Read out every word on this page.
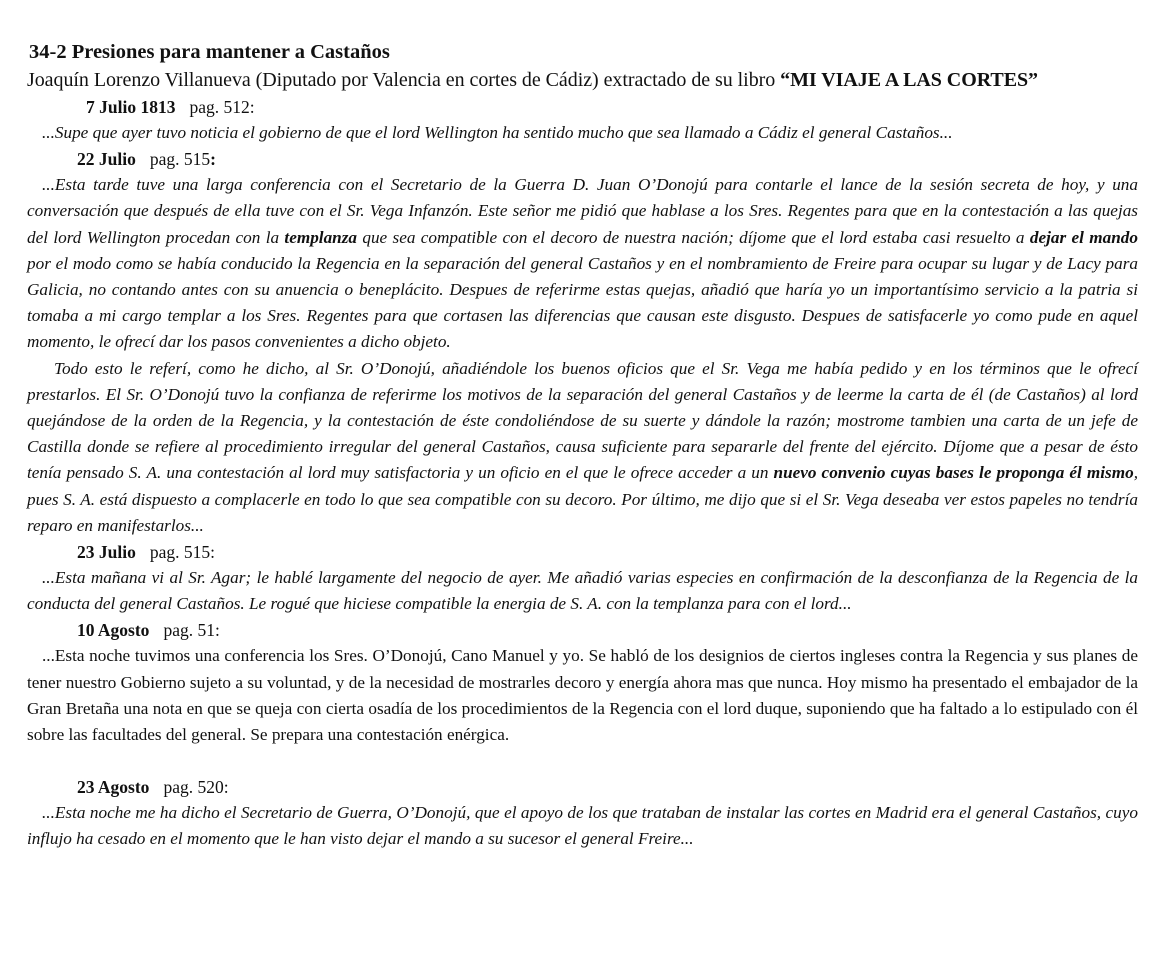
34-2 Presiones para mantener a Castaños
Joaquín Lorenzo Villanueva (Diputado por Valencia en cortes de Cádiz) extractado de su libro “MI VIAJE A LAS CORTES”
7 Julio 1813 pag. 512:

...Supe que ayer tuvo noticia el gobierno de que el lord Wellington ha sentido mucho que sea llamado a Cádiz el general Castaños...

22 Julio pag. 515:

...Esta tarde tuve una larga conferencia con el Secretario de la Guerra D. Juan O’Donojú para contarle el lance de la sesión secreta de hoy, y una conversación que después de ella tuve con el Sr. Vega Infanzón. Este señor me pidió que hablase a los Sres. Regentes para que en la contestación a las quejas del lord Wellington procedan con la templanza que sea compatible con el decoro de nuestra nación; díjome que el lord estaba casi resuelto a dejar el mando por el modo como se había conducido la Regencia en la separación del general Castaños y en el nombramiento de Freire para ocupar su lugar y de Lacy para Galicia, no contando antes con su anuencia o beneplácito. Despues de referirme estas quejas, añadió que haría yo un importantísimo servicio a la patria si tomaba a mi cargo templar a los Sres. Regentes para que cortasen las diferencias que causan este disgusto. Despues de satisfacerle yo como pude en aquel momento, le ofrecí dar los pasos convenientes a dicho objeto.

Todo esto le referí, como he dicho, al Sr. O’Donojú, añadiéndole los buenos oficios que el Sr. Vega me había pedido y en los términos que le ofrecí prestarlos. El Sr. O’Donojú tuvo la confianza de referirme los motivos de la separación del general Castaños y de leerme la carta de él (de Castaños) al lord quejándose de la orden de la Regencia, y la contestación de éste condoliéndose de su suerte y dándole la razón; mostrome tambien una carta de un jefe de Castilla donde se refiere al procedimiento irregular del general Castaños, causa suficiente para separarle del frente del ejército. Díjome que a pesar de ésto tenía pensado S. A. una contestación al lord muy satisfactoria y un oficio en el que le ofrece acceder a un nuevo convenio cuyas bases le proponga él mismo, pues S. A. está dispuesto a complacerle en todo lo que sea compatible con su decoro. Por último, me dijo que si el Sr. Vega deseaba ver estos papeles no tendría reparo en manifestarlos...

23 Julio pag. 515:

...Esta mañana vi al Sr. Agar; le hablé largamente del negocio de ayer. Me añadió varias especies en confirmación de la desconfianza de la Regencia de la conducta del general Castaños. Le rogué que hiciese compatible la energia de S. A. con la templanza para con el lord...

10 Agosto pag. 51:

...Esta noche tuvimos una conferencia los Sres. O’Donojú, Cano Manuel y yo. Se habló de los designios de ciertos ingleses contra la Regencia y sus planes de tener nuestro Gobierno sujeto a su voluntad, y de la necesidad de mostrarles decoro y energía ahora mas que nunca. Hoy mismo ha presentado el embajador de la Gran Bretaña una nota en que se queja con cierta osadía de los procedimientos de la Regencia con el lord duque, suponiendo que ha faltado a lo estipulado con él sobre las facultades del general. Se prepara una contestación enérgica.

23 Agosto pag. 520:

...Esta noche me ha dicho el Secretario de Guerra, O’Donojú, que el apoyo de los que trataban de instalar las cortes en Madrid era el general Castaños, cuyo influjo ha cesado en el momento que le han visto dejar el mando a su sucesor el general Freire...
